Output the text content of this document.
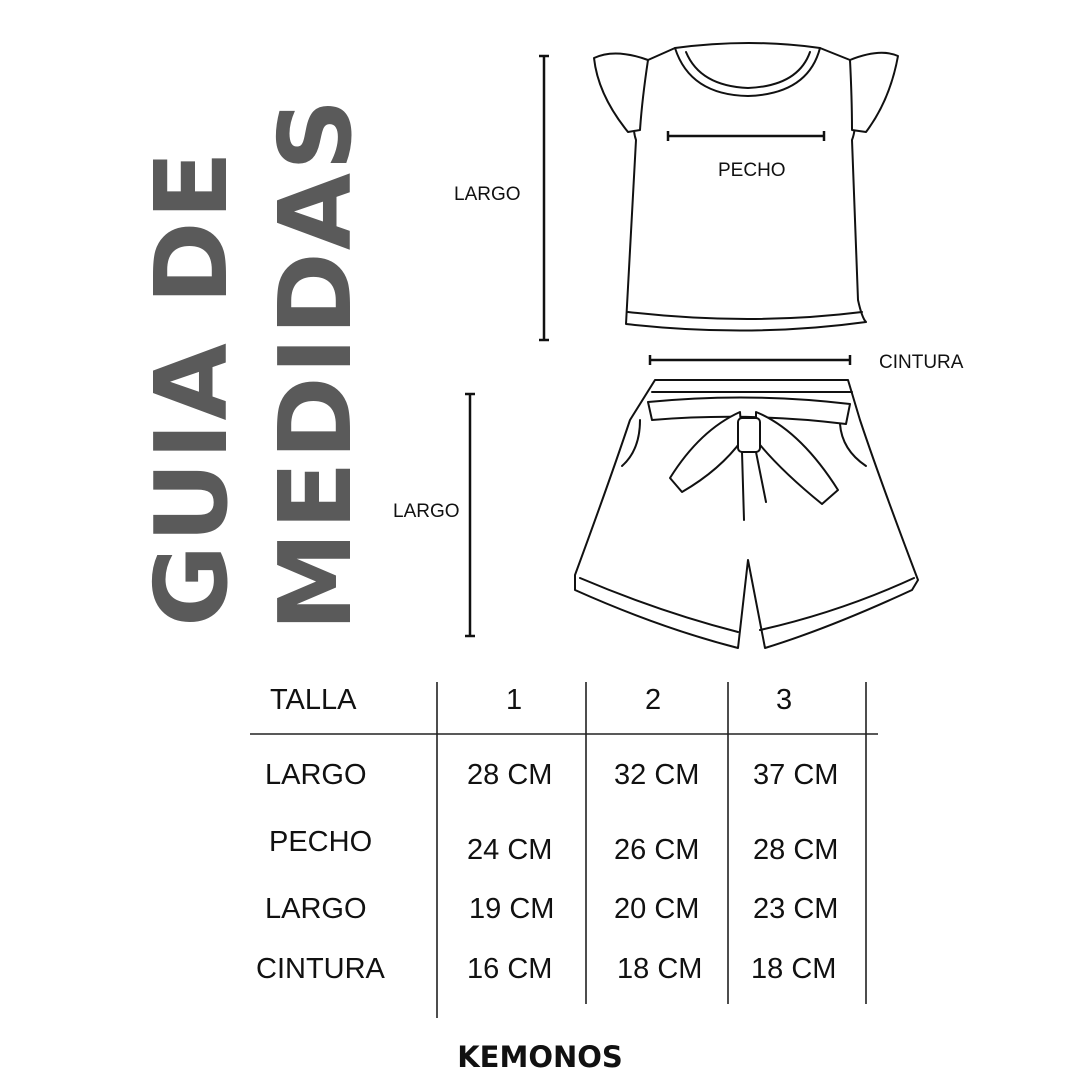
GUIA DE MEDIDAS	LARGO
PECHO
CINTURA
LARGO
TALLA	1	2	3
LARGO	28 CM 32 CM 37 CM
PECHO	24 CM 26 CM 28 CM
LARGO	19 CM 20 CM 23 CM
CINTURA	16 CM 18 CM 18 CM
KEMONOS
